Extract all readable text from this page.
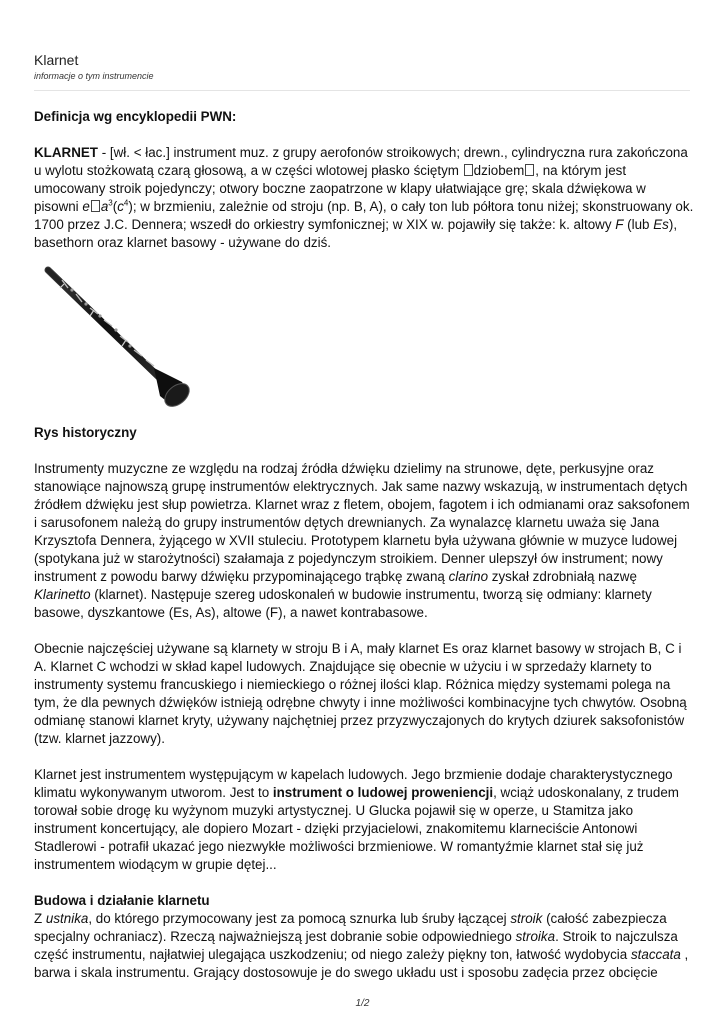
Klarnet
informacje o tym instrumencie

Definicja wg encyklopedii PWN:

KLARNET - [wł. < łac.] instrument muz. z grupy aerofonów stroikowych; drewn., cylindryczna rura zakończona u wylotu stożkowatą czarą głosową, a w części wlotowej płasko ściętym dziobem , na którym jest umocowany stroik pojedynczy; otwory boczne zaopatrzone w klapy ułatwiające grę; skala dźwiękowa w pisowni e $a^3(c^4)$; w brzmieniu, zależnie od stroju (np. B, A), o cały ton lub półtora tonu niżej; skonstruowany ok. 1700 przez J.C. Dennera; wszedł do orkiestry symfonicznej; w XIX w. pojawiły się także: k. altowy F (lub Es), basethorn oraz klarnet basowy - używane do dziś.

Rys historyczny

Instrumenty muzyczne ze względu na rodzaj źródła dźwięku dzielimy na strunowe, dęte, perkusyjne oraz stanowiące najnowszą grupę instrumentów elektrycznych. Jak same nazwy wskazują, w instrumentach dętych źródłem dźwięku jest słup powietrza. Klarnet wraz z fletem, obojem, fagotem i ich odmianami oraz saksofonem i sarusofonem należą do grupy instrumentów dętych drewnianych. Za wynalazcę klarnetu uważa się Jana Krzysztofa Dennera, żyjącego w XVII stuleciu. Prototypem klarnetu była używana głównie w muzyce ludowej (spotykana już w starożytności) szałamaja z pojedynczym stroikiem. Denner ulepszył ów instrument; nowy instrument z powodu barwy dźwięku przypominającego trąbkę zwaną clarino zyskał zdrobniałą nazwę Klarinetto (klarnet). Następuje szereg udoskonaleń w budowie instrumentu, tworzą się odmiany: klarnety basowe, dyszkantowe (Es, As), altowe (F), a nawet kontrabasowe.

Obecnie najczęściej używane są klarnety w stroju B i A, mały klarnet Es oraz klarnet basowy w strojach B, C i A. Klarnet C wchodzi w skład kapel ludowych. Znajdujące się obecnie w użyciu i w sprzedaży klarnety to instrumenty systemu francuskiego i niemieckiego o różnej ilości klap. Różnica między systemami polega na tym, że dla pewnych dźwięków istnieją odrębne chwyty i inne możliwości kombinacyjne tych chwytów. Osobną odmianę stanowi klarnet kryty, używany najchętniej przez przyzwyczajonych do krytych dziurek saksofonistów (tzw. klarnet jazzowy).

Klarnet jest instrumentem występującym w kapelach ludowych. Jego brzmienie dodaje charakterystycznego klimatu wykonywanym utworom. Jest to instrument o ludowej proweniencji, wciąż udoskonalany, z trudem torował sobie drogę ku wyżynom muzyki artystycznej. U Glucka pojawił się w operze, u Stamitza jako instrument koncertujący, ale dopiero Mozart - dzięki przyjacielowi, znakomitemu klarneciście Antonowi Stadlerowi - potrafił ukazać jego niezwykłe możliwości brzmieniowe. W romantyźmie klarnet stał się już instrumentem wiodącym w grupie dętej...

Budowa i działanie klarnetu

Z ustnika, do którego przymocowany jest za pomocą sznurka lub śruby łączącej stroik (całość zabezpiecza specjalny ochraniacz). Rzeczą najważniejszą jest dobranie sobie odpowiedniego stroika. Stroik to najczulsza część instrumentu, najłatwiej ulegająca uszkodzeniu; od niego zależy piękny ton, łatwość wydobycia staccata , barwa i skala instrumentu. Grający dostosowuje je do swego układu ust i sposobu zadęcia przez obcięcie

1/2
